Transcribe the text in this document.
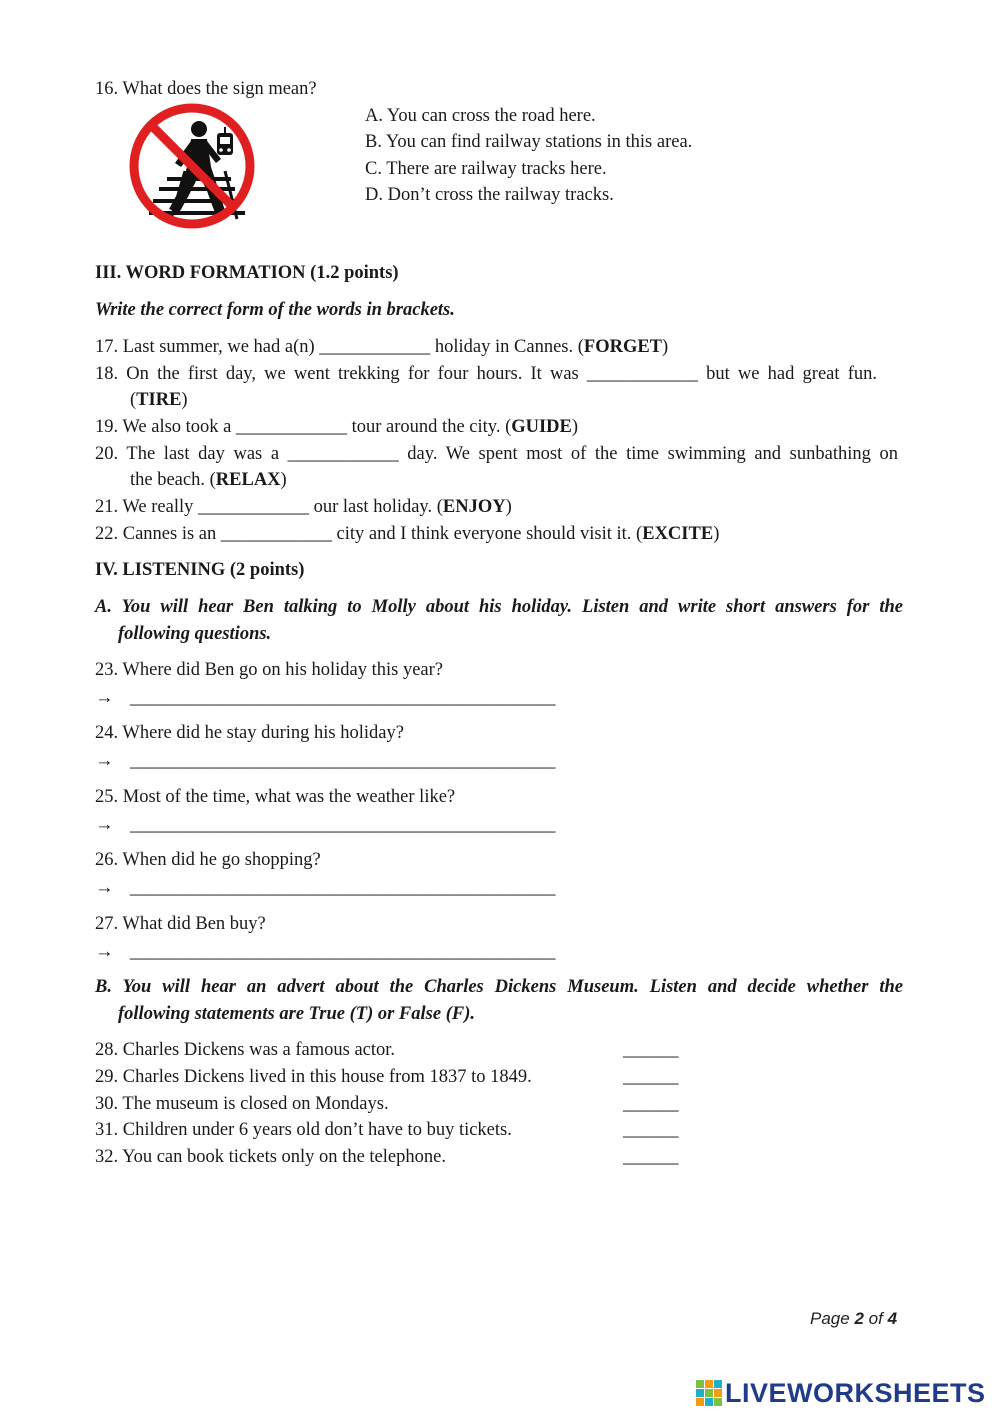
16. What does the sign mean?
A. You can cross the road here.
B. You can find railway stations in this area.
C. There are railway tracks here.
D. Don’t cross the railway tracks.
III. WORD FORMATION (1.2 points)
Write the correct form of the words in brackets.
17. Last summer, we had a(n) ____________ holiday in Cannes. (FORGET)
18. On the first day, we went trekking for four hours. It was ____________ but we had great fun.
(TIRE)
19. We also took a ____________ tour around the city. (GUIDE)
20. The last day was a ____________ day. We spent most of the time swimming and sunbathing on
the beach. (RELAX)
21. We really ____________ our last holiday. (ENJOY)
22. Cannes is an ____________ city and I think everyone should visit it. (EXCITE)
IV. LISTENING (2 points)
A. You will hear Ben talking to Molly about his holiday. Listen and write short answers for the
following questions.
23. Where did Ben go on his holiday this year?
→ ______________________________________________
24. Where did he stay during his holiday?
→ ______________________________________________
25. Most of the time, what was the weather like?
→ ______________________________________________
26. When did he go shopping?
→ ______________________________________________
27. What did Ben buy?
→ ______________________________________________
B. You will hear an advert about the Charles Dickens Museum. Listen and decide whether the
following statements are True (T) or False (F).
28. Charles Dickens was a famous actor.	______
29. Charles Dickens lived in this house from 1837 to 1849.	______
30. The museum is closed on Mondays.	______
31. Children under 6 years old don’t have to buy tickets.	______
32. You can book tickets only on the telephone.	______
Page 2 of 4
LIVEWORKSHEETS
